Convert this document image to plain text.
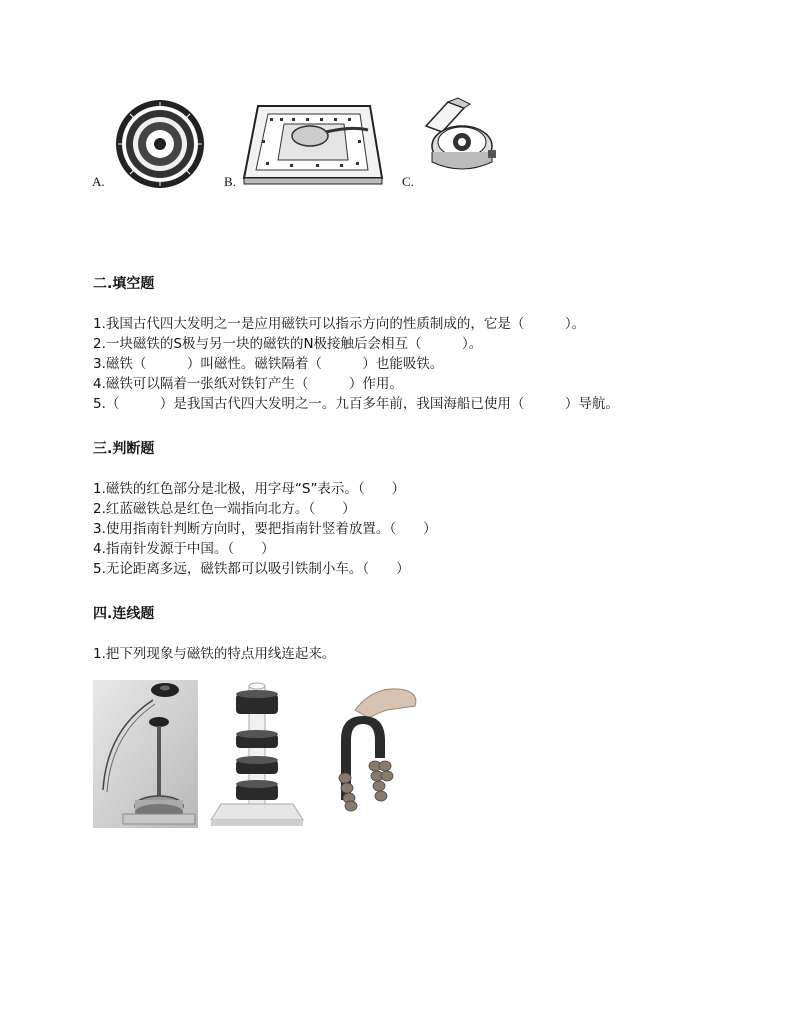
A.	B.	C.
二.填空题
1.我国古代四大发明之一是应用磁铁可以指示方向的性质制成的，它是（　　　）。
2.一块磁铁的S极与另一块的磁铁的N极接触后会相互（　　　）。
3.磁铁（　　　）叫磁性。磁铁隔着（　　　）也能吸铁。
4.磁铁可以隔着一张纸对铁钉产生（　　　）作用。
5.（　　　）是我国古代四大发明之一。九百多年前，我国海船已使用（　　　）导航。
三.判断题
1.磁铁的红色部分是北极，用字母“S”表示。（　　）
2.红蓝磁铁总是红色一端指向北方。（　　）
3.使用指南针判断方向时，要把指南针竖着放置。（　　）
4.指南针发源于中国。（　　）
5.无论距离多远，磁铁都可以吸引铁制小车。（　　）
四.连线题
1.把下列现象与磁铁的特点用线连起来。
